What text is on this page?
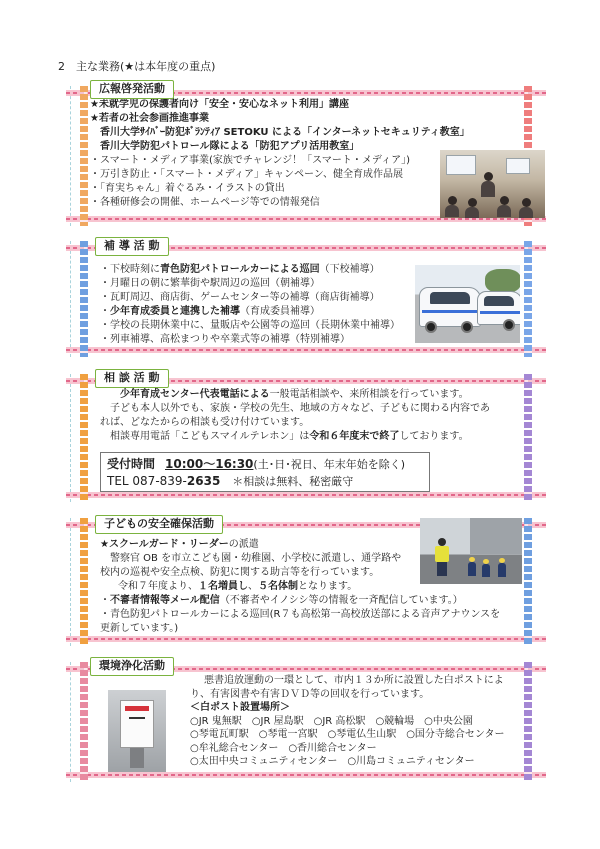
2　主な業務(★は本年度の重点)
広報啓発活動
★未就学児の保護者向け「安全・安心なネット利用」講座
★若者の社会参画推進事業
香川大学ｻｲﾊﾞｰ防犯ﾎﾞﾗﾝﾃｨｱ SETOKU による「インターネットセキュリティ教室」
香川大学防犯パトロール隊による「防犯アプリ活用教室」
・スマート・メディア事業(家族でチャレンジ！「スマート・メディア」)
・万引き防止・「スマート・メディア」キャンペーン、健全育成作品展
・「育実ちゃん」着ぐるみ・イラストの貸出
・各種研修会の開催、ホームページ等での情報発信
補 導 活 動
・下校時刻に青色防犯パトロールカーによる巡回（下校補導）
・月曜日の朝に繁華街や駅周辺の巡回（朝補導）
・瓦町周辺、商店街、ゲームセンター等の補導（商店街補導）
・少年育成委員と連携した補導（育成委員補導）
・学校の長期休業中に、量販店や公園等の巡回（長期休業中補導）
・列車補導、高松まつりや卒業式等の補導（特別補導）
相 談 活 動
少年育成センター代表電話による一般電話相談や、来所相談を行っています。
子ども本人以外でも、家族・学校の先生、地域の方々など、子どもに関わる内容であ
れば、どなたからの相談も受け付けています。
相談専用電話「こどもスマイルテレホン」は令和６年度末で終了しております。
受付時間 10:00～16:30(土･日･祝日、年末年始を除く)
TEL 087-839-2635 ＊相談は無料、秘密厳守
子どもの安全確保活動
★スクールガード・リーダーの派遣
警察官 OB を市立こども園・幼稚園、小学校に派遣し、通学路や
校内の巡視や安全点検、防犯に関する助言等を行っています。
令和７年度より、１名増員し、５名体制となります。
・不審者情報等メール配信（不審者やイノシシ等の情報を一斉配信しています。）
・青色防犯パトロールカーによる巡回(R７も高松第一高校放送部による音声アナウンスを
更新しています。)
環境浄化活動
悪書追放運動の一環として、市内１３か所に設置した白ポストによ
り、有害図書や有害ＤＶＤ等の回収を行っています。
＜白ポスト設置場所＞
○JR 鬼無駅 ○JR 屋島駅 ○JR 高松駅 ○競輪場 ○中央公園
○琴電瓦町駅 ○琴電一宮駅 ○琴電仏生山駅 ○国分寺総合センター
○牟礼総合センター ○香川総合センター
○太田中央コミュニティセンター ○川島コミュニティセンター
